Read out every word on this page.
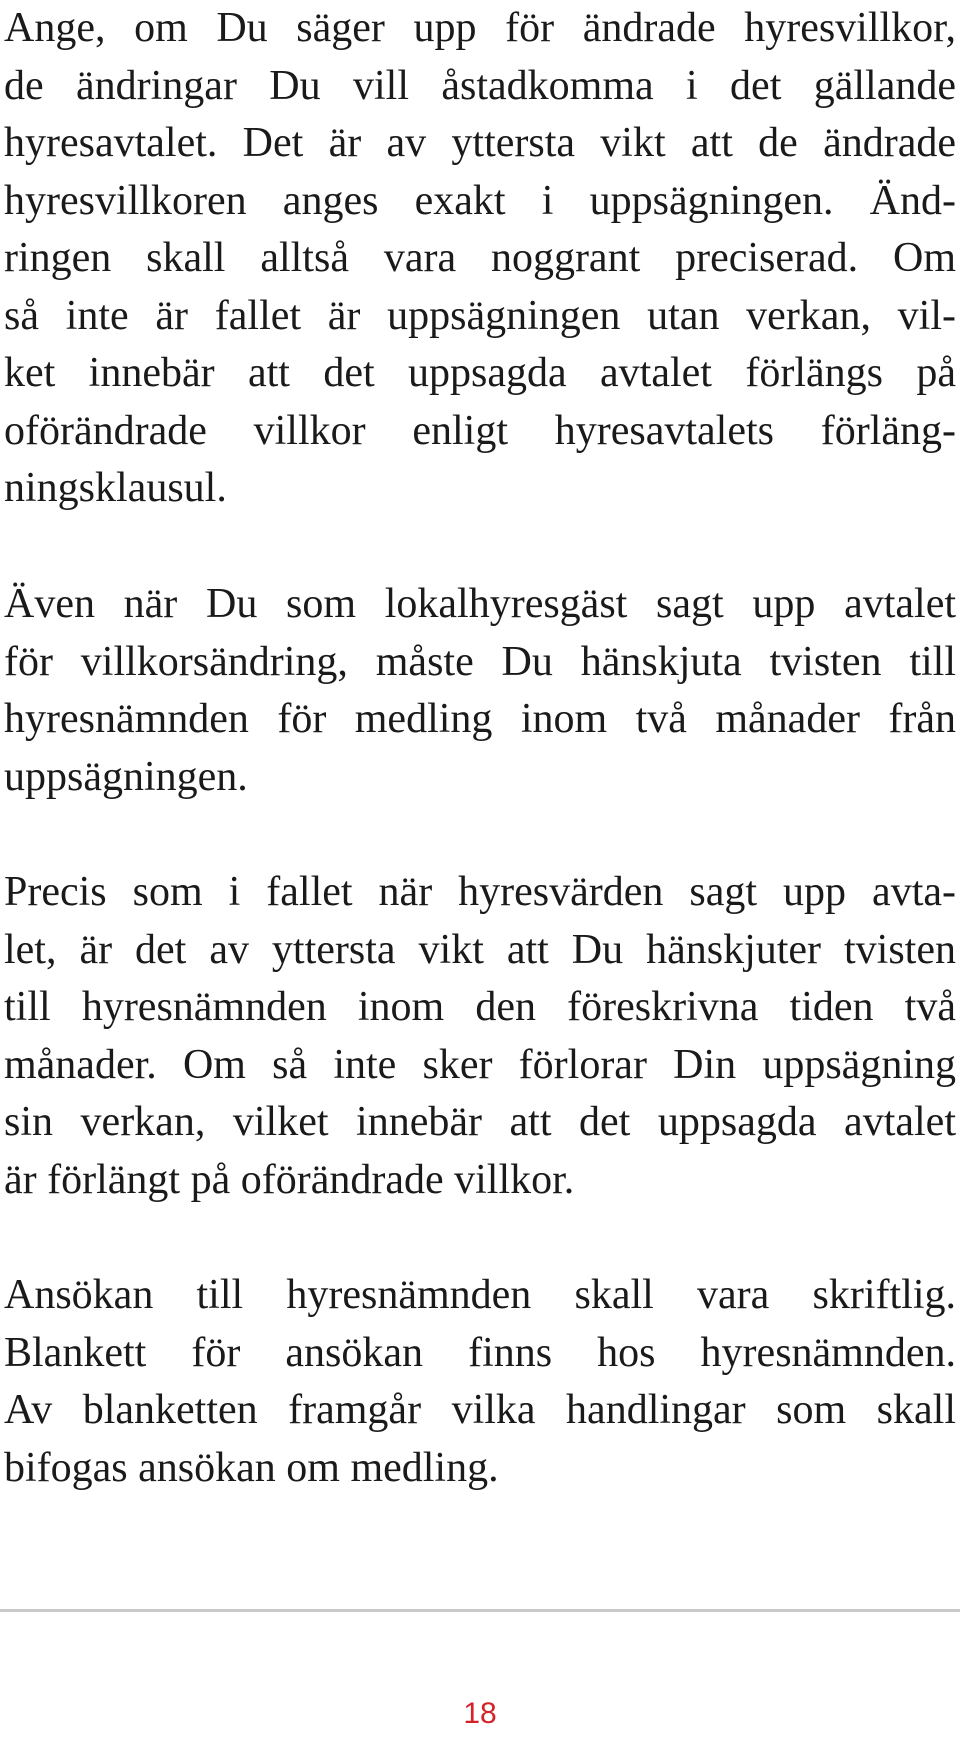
Ange, om Du säger upp för ändrade hyresvillkor,
de ändringar Du vill åstadkomma i det gällande
hyresavtalet. Det är av yttersta vikt att de ändrade
hyresvillkoren anges exakt i uppsägningen. Änd-
ringen skall alltså vara noggrant preciserad. Om
så inte är fallet är uppsägningen utan verkan, vil-
ket innebär att det uppsagda avtalet förlängs på
oförändrade villkor enligt hyresavtalets förläng-
ningsklausul.
Även när Du som lokalhyresgäst sagt upp avtalet
för villkorsändring, måste Du hänskjuta tvisten till
hyresnämnden för medling inom två månader från
uppsägningen.
Precis som i fallet när hyresvärden sagt upp avta-
let, är det av yttersta vikt att Du hänskjuter tvisten
till hyresnämnden inom den föreskrivna tiden två
månader. Om så inte sker förlorar Din uppsägning
sin verkan, vilket innebär att det uppsagda avtalet
är förlängt på oförändrade villkor.
Ansökan till hyresnämnden skall vara skriftlig.
Blankett för ansökan finns hos hyresnämnden.
Av blanketten framgår vilka handlingar som skall
bifogas ansökan om medling.
18
